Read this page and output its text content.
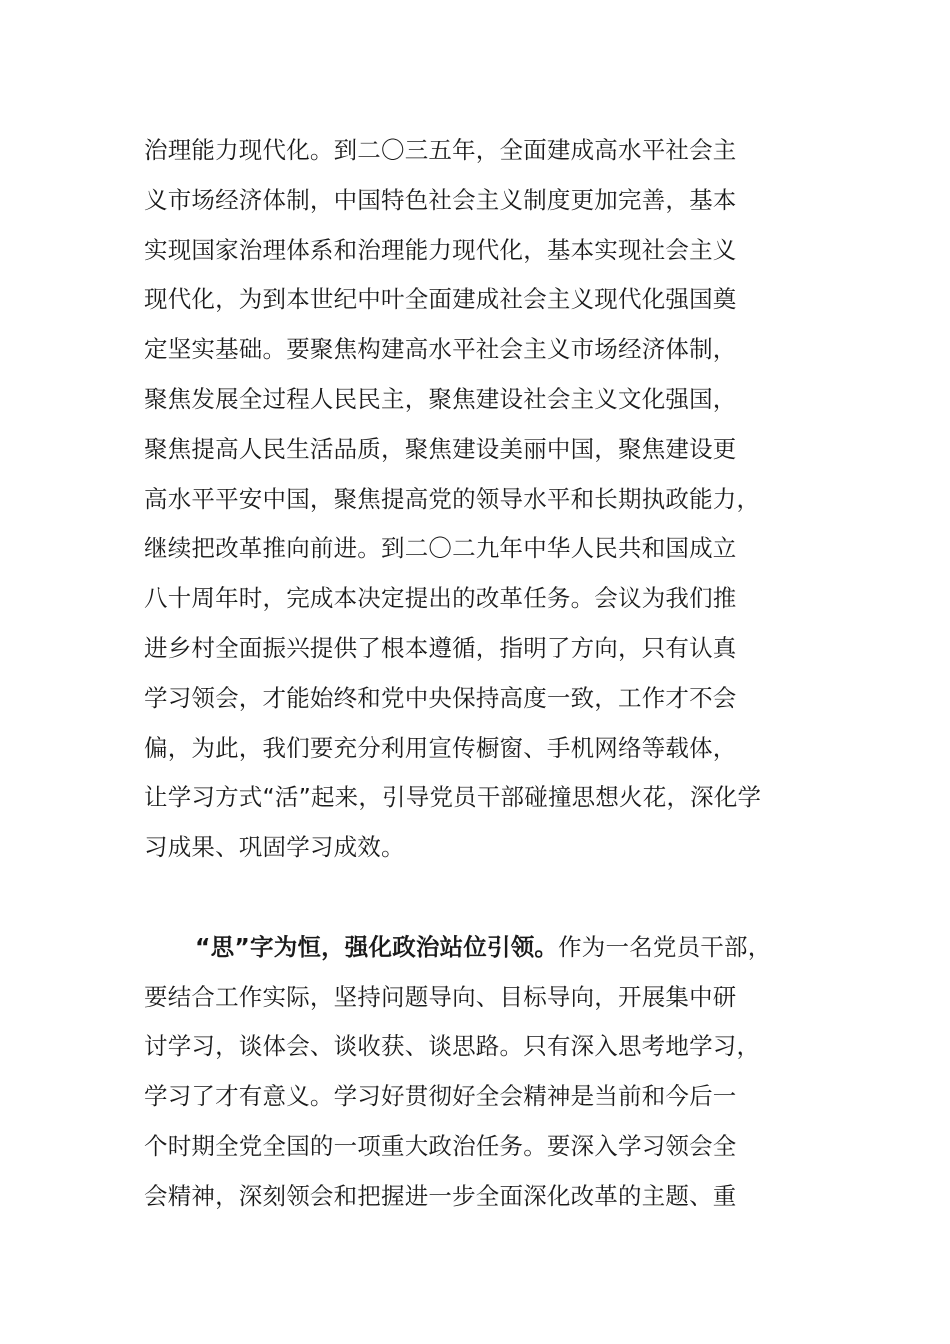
治理能力现代化。到二〇三五年，全面建成高水平社会主
义市场经济体制，中国特色社会主义制度更加完善，基本
实现国家治理体系和治理能力现代化，基本实现社会主义
现代化，为到本世纪中叶全面建成社会主义现代化强国奠
定坚实基础。要聚焦构建高水平社会主义市场经济体制，
聚焦发展全过程人民民主，聚焦建设社会主义文化强国，
聚焦提高人民生活品质，聚焦建设美丽中国，聚焦建设更
高水平平安中国，聚焦提高党的领导水平和长期执政能力，
继续把改革推向前进。到二〇二九年中华人民共和国成立
八十周年时，完成本决定提出的改革任务。会议为我们推
进乡村全面振兴提供了根本遵循，指明了方向，只有认真
学习领会，才能始终和党中央保持高度一致，工作才不会
偏，为此，我们要充分利用宣传橱窗、手机网络等载体，
让学习方式“活”起来，引导党员干部碰撞思想火花，深化学
习成果、巩固学习成效。
“思”字为恒，强化政治站位引领。作为一名党员干部，
要结合工作实际，坚持问题导向、目标导向，开展集中研
讨学习，谈体会、谈收获、谈思路。只有深入思考地学习，
学习了才有意义。学习好贯彻好全会精神是当前和今后一
个时期全党全国的一项重大政治任务。要深入学习领会全
会精神，深刻领会和把握进一步全面深化改革的主题、重
